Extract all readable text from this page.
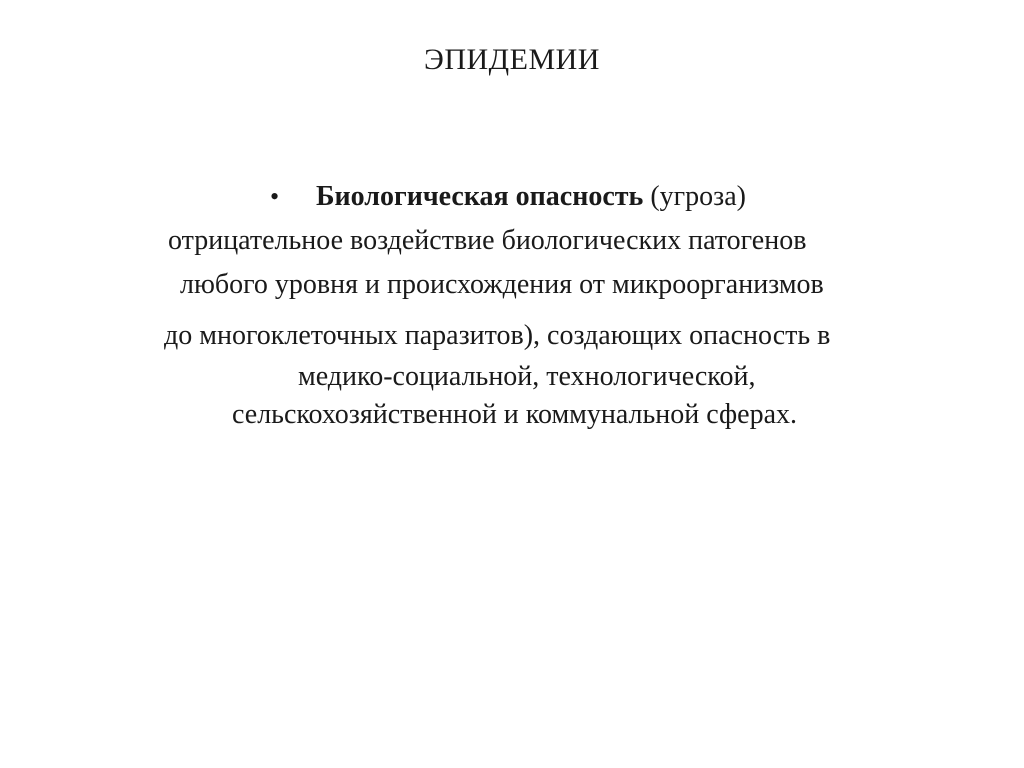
ЭПИДЕМИИ
• Биологическая опасность (угроза)
отрицательное воздействие биологических патогенов
любого уровня и происхождения от микроорганизмов
до многоклеточных паразитов), создающих опасность в
медико-социальной, технологической,
сельскохозяйственной и коммунальной сферах.
